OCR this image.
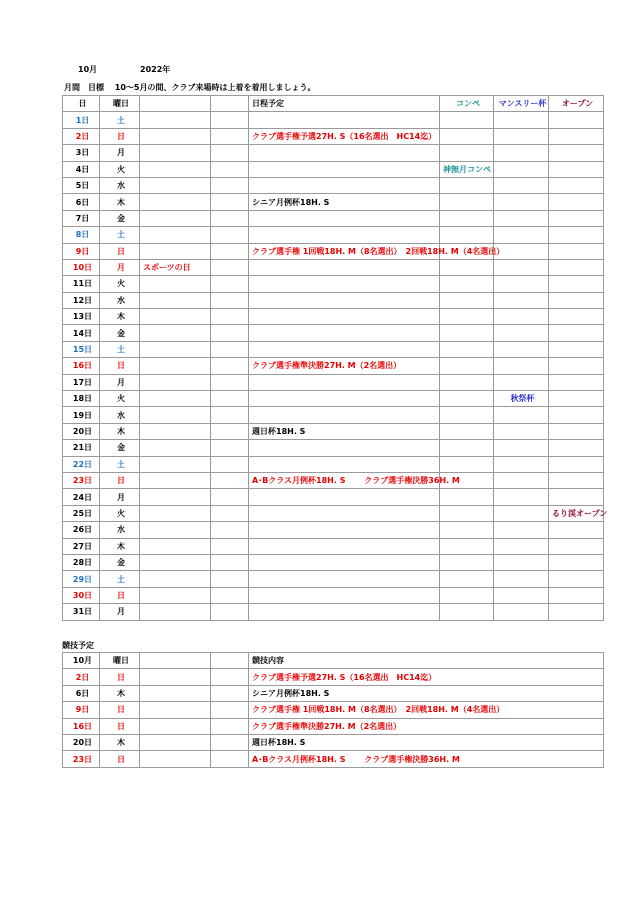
10月	2022年
月間　目標　 10～5月の間、クラブ来場時は上着を着用しましょう。
日	曜日			日程予定	コンペ	マンスリー杯	オープン
1日	土						
2日	日			クラブ選手権予選27H. S（16名選出　HC14迄）			
3日	月						
4日	火				神無月コンペ		
5日	水						
6日	木			シニア月例杯18H. S			
7日	金						
8日	土						
9日	日			クラブ選手権 1回戦18H. M（8名選出）　2回戦18H. M（4名選出）			
10日	月	スポーツの日					
11日	火						
12日	水						
13日	木						
14日	金						
15日	土						
16日	日			クラブ選手権準決勝27H. M（2名選出）			
17日	月						
18日	火					秋祭杯	
19日	水						
20日	木			週日杯18H. S			
21日	金						
22日	土						
23日	日			A･Bクラス月例杯18H. S　　 クラブ選手権決勝36H. M			
24日	月						
25日	火						るり渓オープン
26日	水						
27日	木						
28日	金						
29日	土						
30日	日						
31日	月						
競技予定
10月	曜日			競技内容
2日	日			クラブ選手権予選27H. S（16名選出　HC14迄）
6日	木			シニア月例杯18H. S
9日	日			クラブ選手権 1回戦18H. M（8名選出）　2回戦18H. M（4名選出）
16日	日			クラブ選手権準決勝27H. M（2名選出）
20日	木			週日杯18H. S
23日	日			A･Bクラス月例杯18H. S　　 クラブ選手権決勝36H. M
